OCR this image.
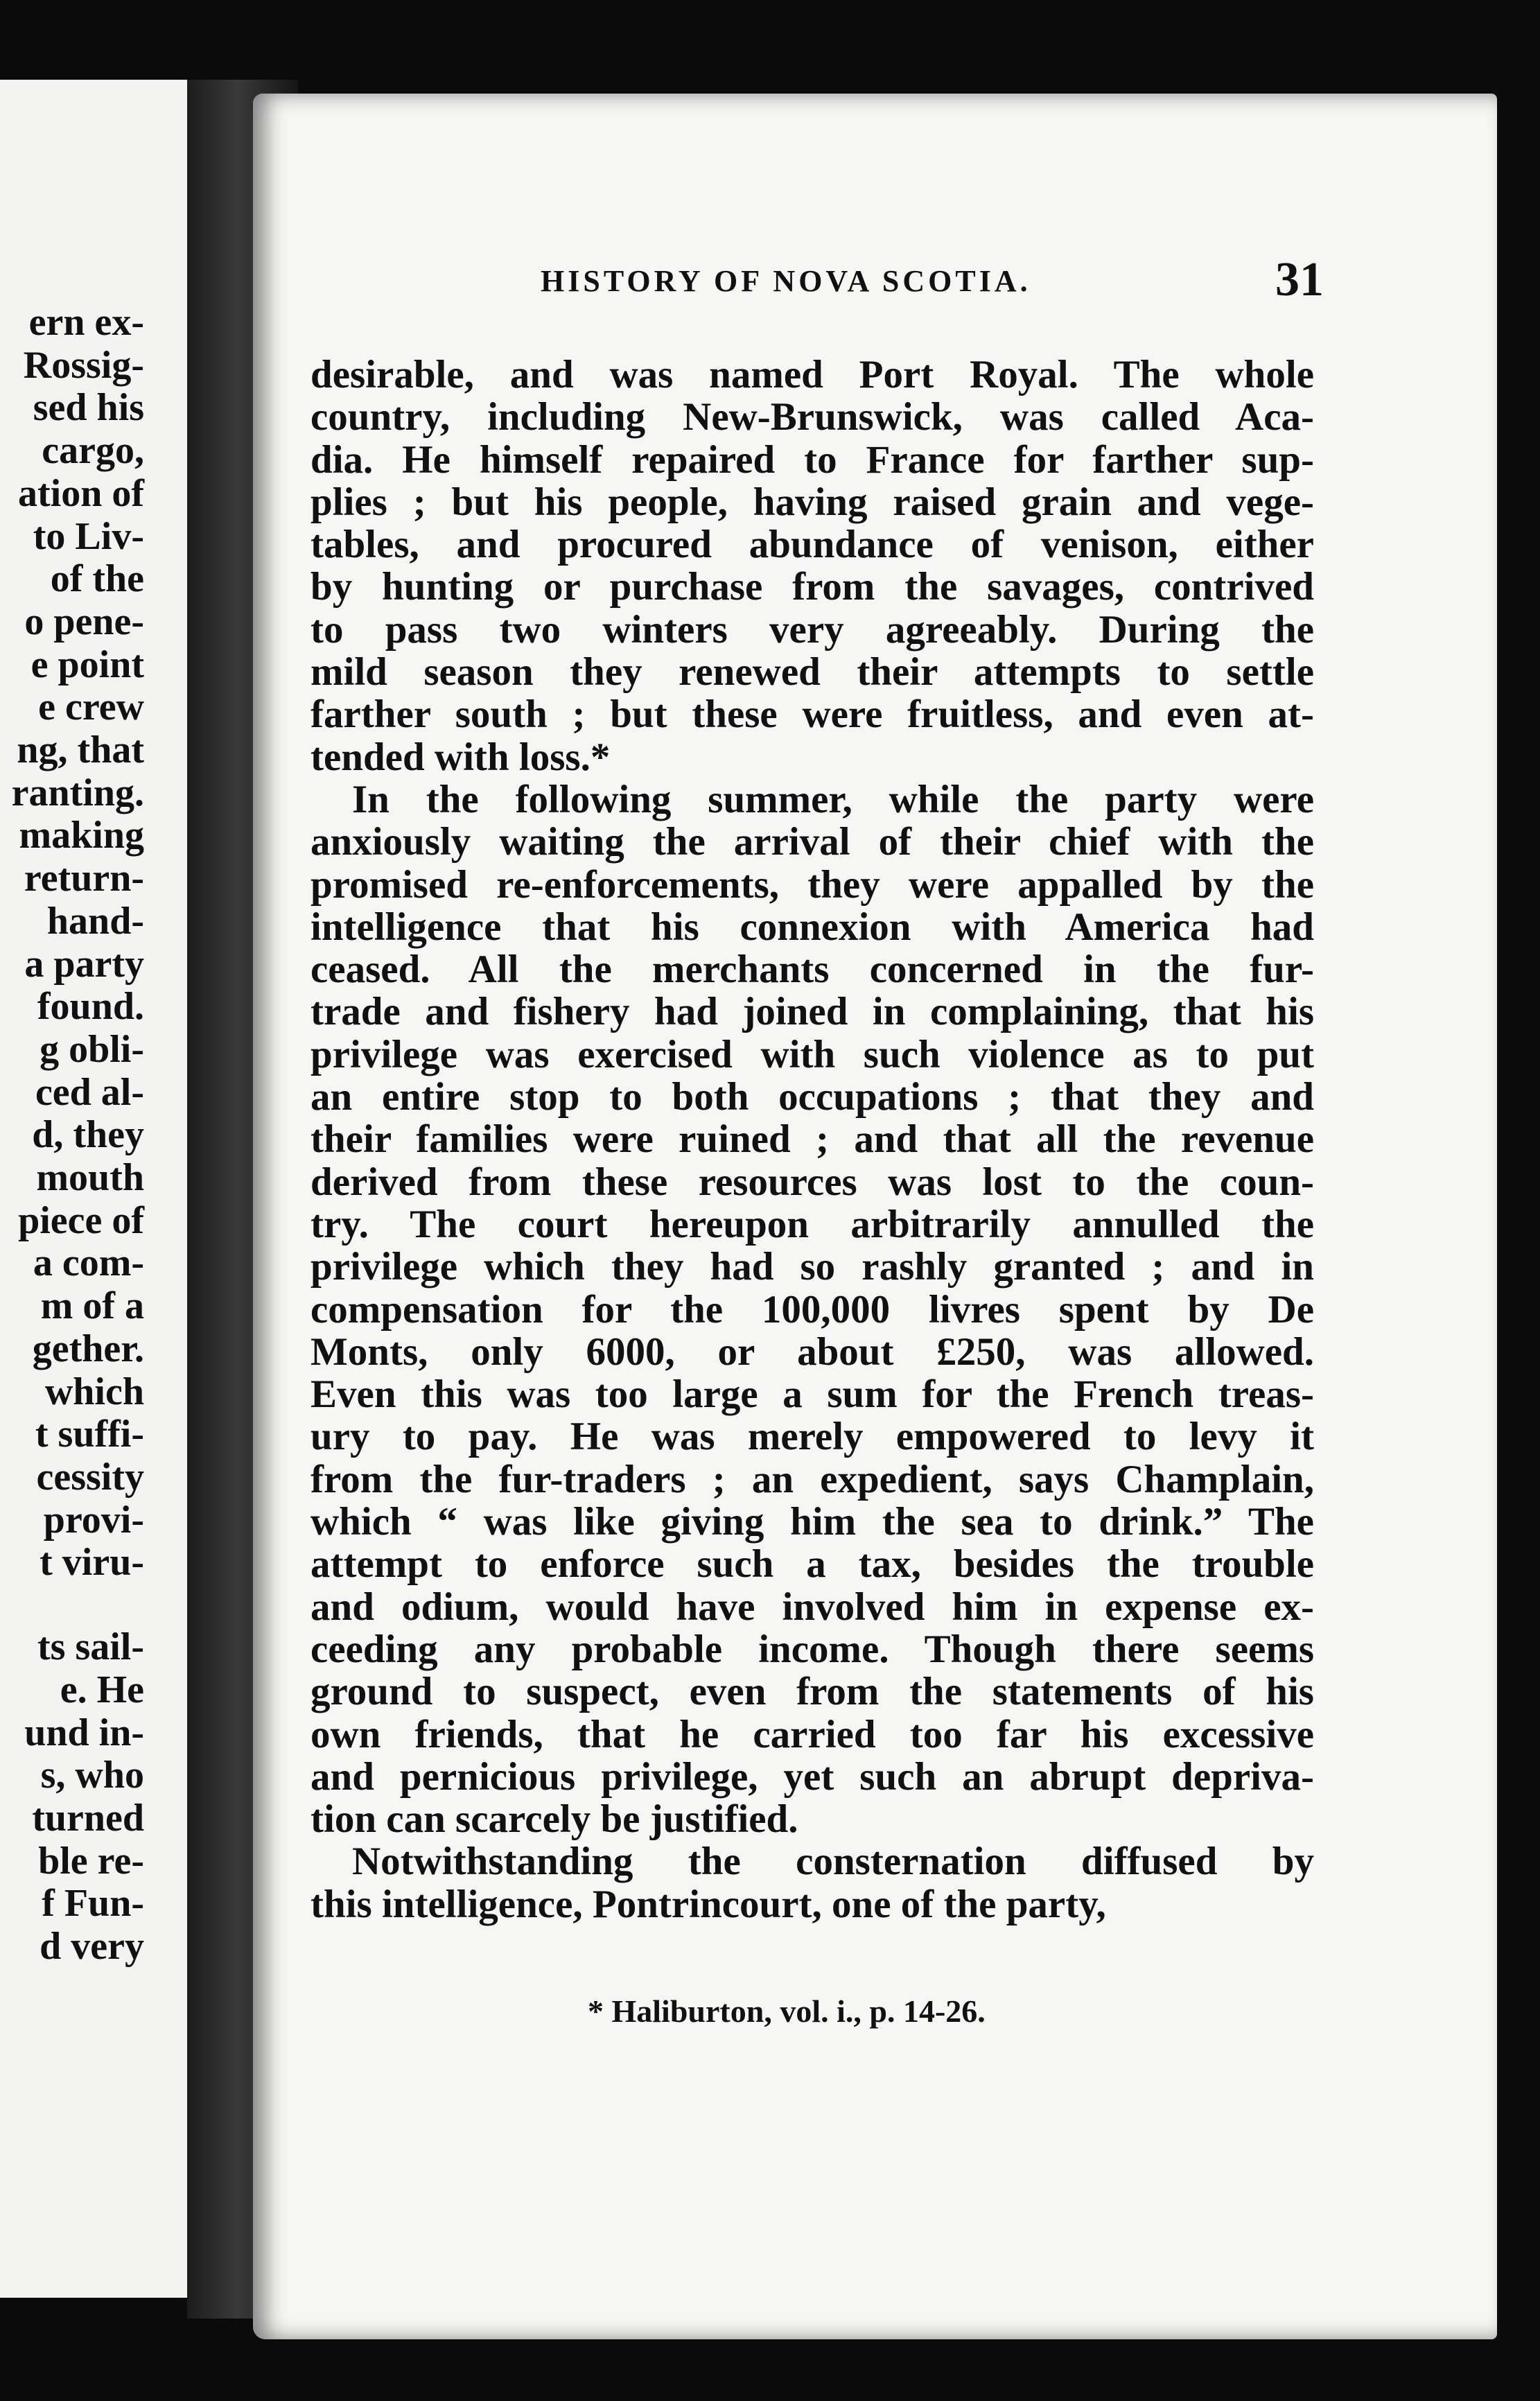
ern ex-
Rossig-
sed his
cargo,
ation of
to Liv-
of the
o pene-
e point
e crew
ng, that
ranting.
making
return-
hand-
a party
found.
g obli-
ced al-
d, they
mouth
piece of
a com-
m of a
gether.
which
t suffi-
cessity
provi-
t viru-

ts sail-
e. He
und in-
s, who
turned
ble re-
f Fun-
d very
HISTORY OF NOVA SCOTIA.	31

desirable, and was named Port Royal. The whole
country, including New-Brunswick, was called Aca-
dia. He himself repaired to France for farther sup-
plies ; but his people, having raised grain and vege-
tables, and procured abundance of venison, either
by hunting or purchase from the savages, contrived
to pass two winters very agreeably. During the
mild season they renewed their attempts to settle
farther south ; but these were fruitless, and even at-
tended with loss.*

In the following summer, while the party were
anxiously waiting the arrival of their chief with the
promised re-enforcements, they were appalled by the
intelligence that his connexion with America had
ceased. All the merchants concerned in the fur-
trade and fishery had joined in complaining, that his
privilege was exercised with such violence as to put
an entire stop to both occupations ; that they and
their families were ruined ; and that all the revenue
derived from these resources was lost to the coun-
try. The court hereupon arbitrarily annulled the
privilege which they had so rashly granted ; and in
compensation for the 100,000 livres spent by De
Monts, only 6000, or about £250, was allowed.
Even this was too large a sum for the French treas-
ury to pay. He was merely empowered to levy it
from the fur-traders ; an expedient, says Champlain,
which “ was like giving him the sea to drink.” The
attempt to enforce such a tax, besides the trouble
and odium, would have involved him in expense ex-
ceeding any probable income. Though there seems
ground to suspect, even from the statements of his
own friends, that he carried too far his excessive
and pernicious privilege, yet such an abrupt depriva-
tion can scarcely be justified.

Notwithstanding the consternation diffused by
this intelligence, Pontrincourt, one of the party,

* Haliburton, vol. i., p. 14-26.
